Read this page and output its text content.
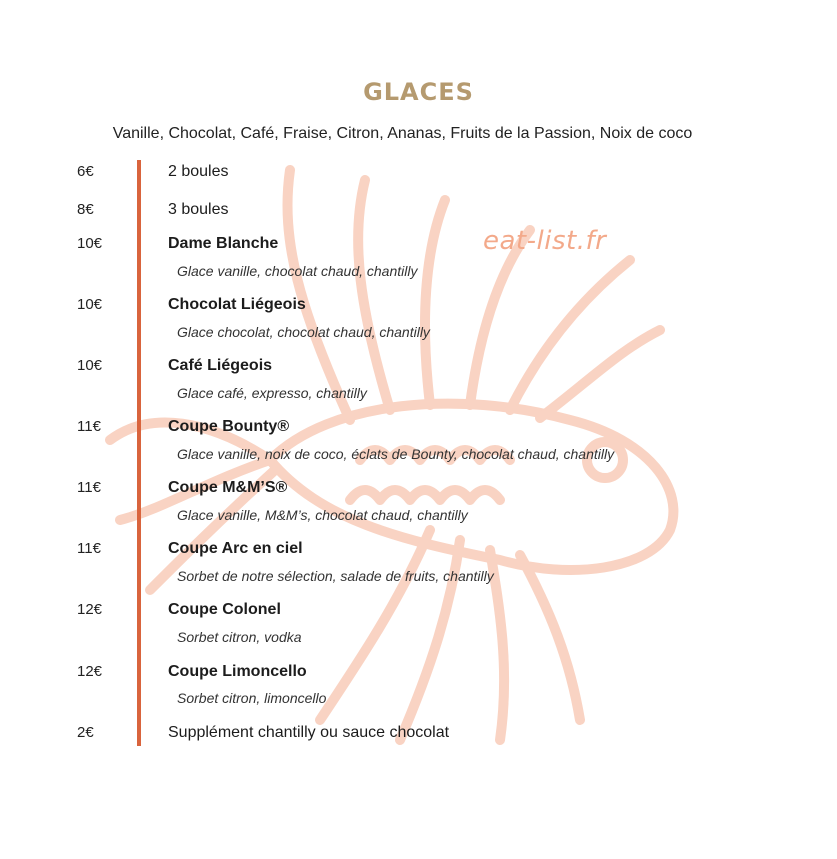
eat-list.fr
GLACES
Vanille, Chocolat, Café, Fraise, Citron, Ananas, Fruits de la Passion, Noix de coco
6€	2 boules
8€	3 boules
10€	Dame Blanche
Glace vanille, chocolat chaud, chantilly
10€	Chocolat Liégeois
Glace chocolat, chocolat chaud, chantilly
10€	Café Liégeois
Glace café, expresso, chantilly
11€	Coupe Bounty®
Glace vanille, noix de coco, éclats de Bounty, chocolat chaud, chantilly
11€	Coupe M&M’S®
Glace vanille, M&M’s, chocolat chaud, chantilly
11€	Coupe Arc en ciel
Sorbet de notre sélection, salade de fruits, chantilly
12€	Coupe Colonel
Sorbet citron, vodka
12€	Coupe Limoncello
Sorbet citron, limoncello
2€	Supplément chantilly ou sauce chocolat
